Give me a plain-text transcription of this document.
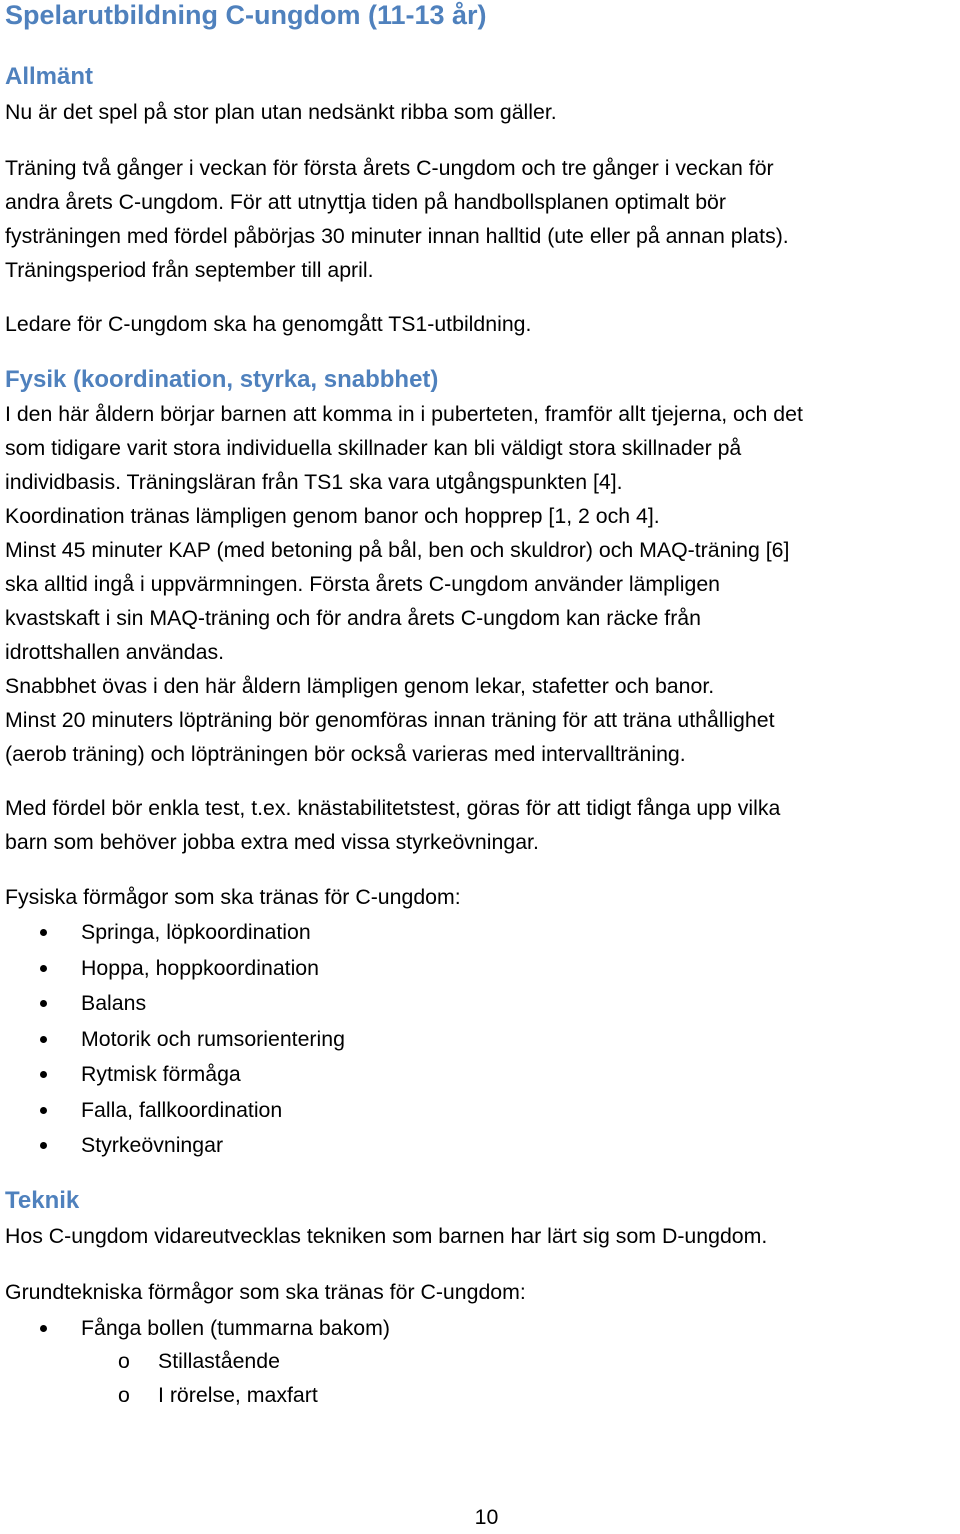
Spelarutbildning C-ungdom (11-13 år)
Allmänt
Nu är det spel på stor plan utan nedsänkt ribba som gäller.
Träning två gånger i veckan för första årets C-ungdom och tre gånger i veckan för
andra årets C-ungdom. För att utnyttja tiden på handbollsplanen optimalt bör
fysträningen med fördel påbörjas 30 minuter innan halltid (ute eller på annan plats).
Träningsperiod från september till april.
Ledare för C-ungdom ska ha genomgått TS1-utbildning.
Fysik (koordination, styrka, snabbhet)
I den här åldern börjar barnen att komma in i puberteten, framför allt tjejerna, och det
som tidigare varit stora individuella skillnader kan bli väldigt stora skillnader på
individbasis. Träningsläran från TS1 ska vara utgångspunkten [4].
Koordination tränas lämpligen genom banor och hopprep [1, 2 och 4].
Minst 45 minuter KAP (med betoning på bål, ben och skuldror) och MAQ-träning [6]
ska alltid ingå i uppvärmningen. Första årets C-ungdom använder lämpligen
kvastskaft i sin MAQ-träning och för andra årets C-ungdom kan räcke från
idrottshallen användas.
Snabbhet övas i den här åldern lämpligen genom lekar, stafetter och banor.
Minst 20 minuters löpträning bör genomföras innan träning för att träna uthållighet
(aerob träning) och löpträningen bör också varieras med intervallträning.
Med fördel bör enkla test, t.ex. knästabilitetstest, göras för att tidigt fånga upp vilka
barn som behöver jobba extra med vissa styrkeövningar.
Fysiska förmågor som ska tränas för C-ungdom:
Springa, löpkoordination
Hoppa, hoppkoordination
Balans
Motorik och rumsorientering
Rytmisk förmåga
Falla, fallkoordination
Styrkeövningar
Teknik
Hos C-ungdom vidareutvecklas tekniken som barnen har lärt sig som D-ungdom.
Grundtekniska förmågor som ska tränas för C-ungdom:
Fånga bollen (tummarna bakom)
o Stillastående
o I rörelse, maxfart
10
